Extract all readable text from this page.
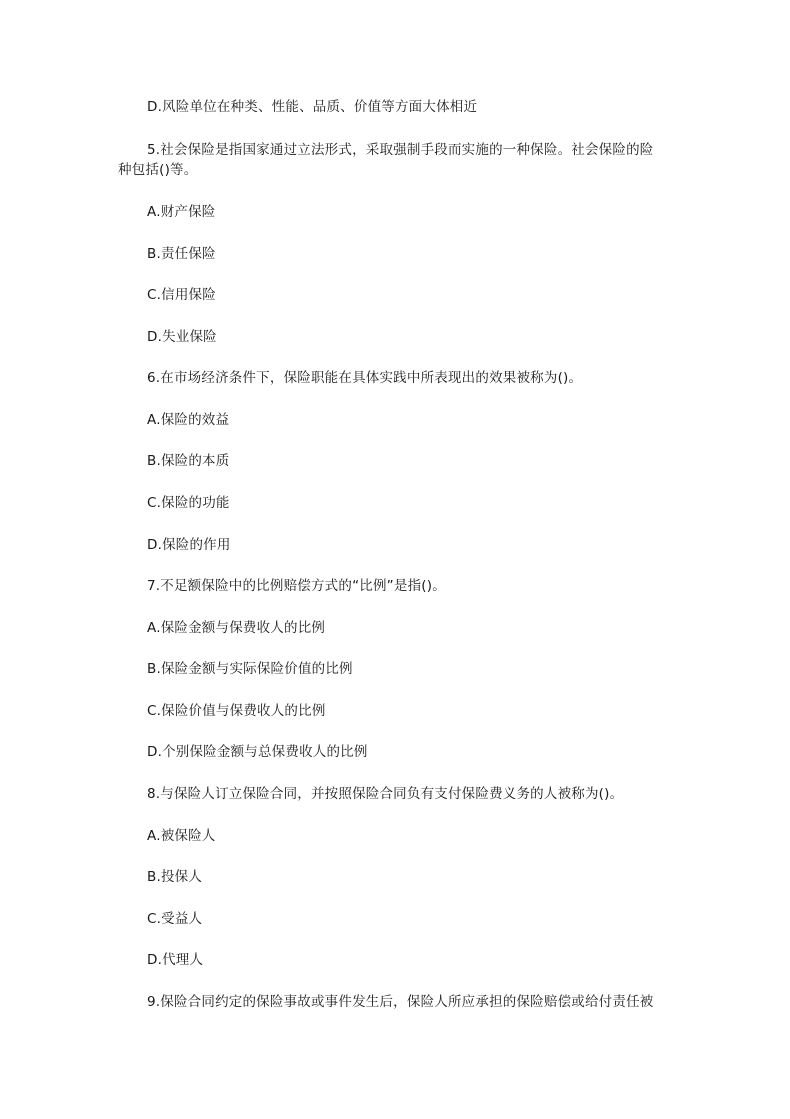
D.风险单位在种类、性能、品质、价值等方面大体相近

5.社会保险是指国家通过立法形式，采取强制手段而实施的一种保险。社会保险的险

种包括()等。

A.财产保险

B.责任保险

C.信用保险

D.失业保险

6.在市场经济条件下，保险职能在具体实践中所表现出的效果被称为()。

A.保险的效益

B.保险的本质

C.保险的功能

D.保险的作用

7.不足额保险中的比例赔偿方式的“比例”是指()。

A.保险金额与保费收人的比例

B.保险金额与实际保险价值的比例

C.保险价值与保费收人的比例

D.个别保险金额与总保费收人的比例

8.与保险人订立保险合同，并按照保险合同负有支付保险费义务的人被称为()。

A.被保险人

B.投保人

C.受益人

D.代理人

9.保险合同约定的保险事故或事件发生后，保险人所应承担的保险赔偿或给付责任被
